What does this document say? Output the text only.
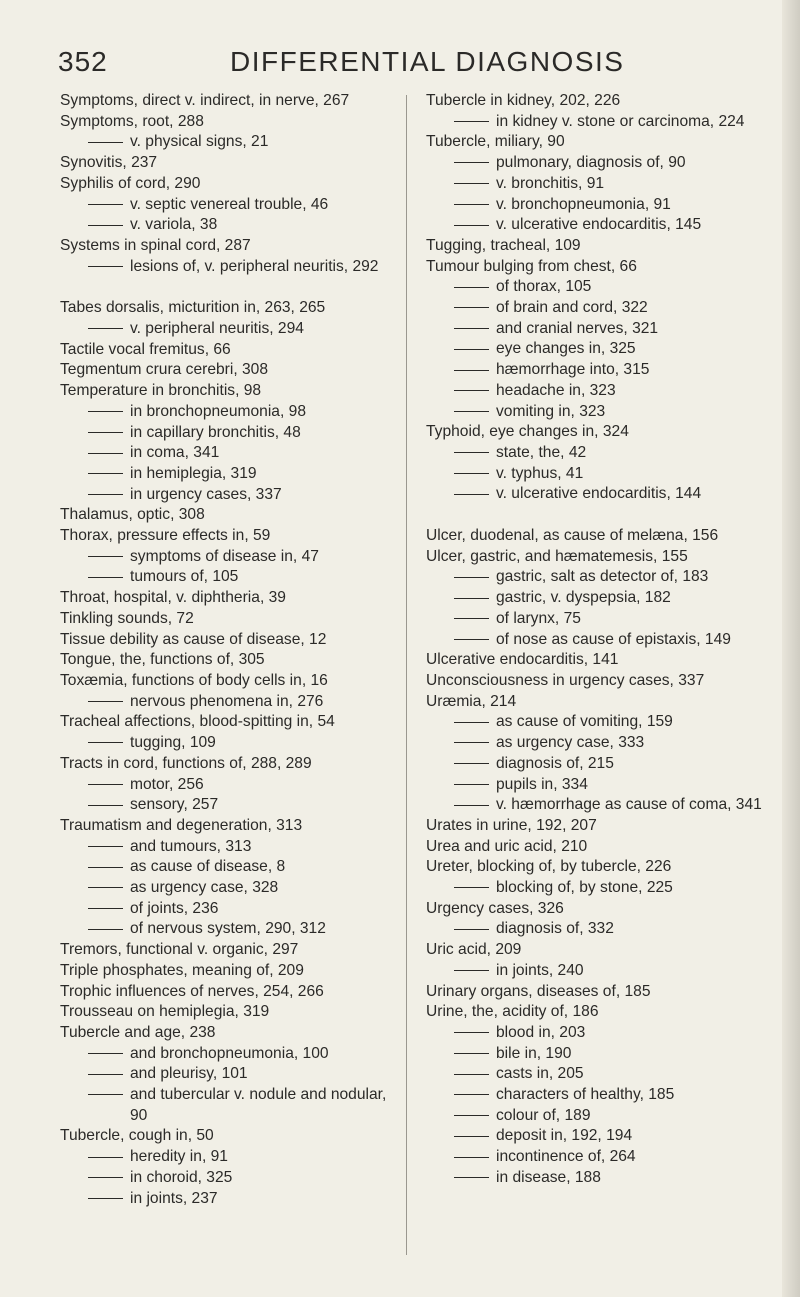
352	DIFFERENTIAL DIAGNOSIS

Symptoms, direct v. indirect, in nerve, 267

Symptoms, root, 288

v. physical signs, 21

Synovitis, 237

Syphilis of cord, 290

v. septic venereal trouble, 46

v. variola, 38

Systems in spinal cord, 287

lesions of, v. peripheral neuritis, 292

Tabes dorsalis, micturition in, 263, 265

v. peripheral neuritis, 294

Tactile vocal fremitus, 66

Tegmentum crura cerebri, 308

Temperature in bronchitis, 98

in bronchopneumonia, 98

in capillary bronchitis, 48

in coma, 341

in hemiplegia, 319

in urgency cases, 337

Thalamus, optic, 308

Thorax, pressure effects in, 59

symptoms of disease in, 47

tumours of, 105

Throat, hospital, v. diphtheria, 39

Tinkling sounds, 72

Tissue debility as cause of disease, 12

Tongue, the, functions of, 305

Toxæmia, functions of body cells in, 16

nervous phenomena in, 276

Tracheal affections, blood-spitting in, 54

tugging, 109

Tracts in cord, functions of, 288, 289

motor, 256

sensory, 257

Traumatism and degeneration, 313

and tumours, 313

as cause of disease, 8

as urgency case, 328

of joints, 236

of nervous system, 290, 312

Tremors, functional v. organic, 297

Triple phosphates, meaning of, 209

Trophic influences of nerves, 254, 266

Trousseau on hemiplegia, 319

Tubercle and age, 238

and bronchopneumonia, 100

and pleurisy, 101

and tubercular v. nodule and nodular, 90

Tubercle, cough in, 50

heredity in, 91

in choroid, 325

in joints, 237

Tubercle in kidney, 202, 226

in kidney v. stone or carcinoma, 224

Tubercle, miliary, 90

pulmonary, diagnosis of, 90

v. bronchitis, 91

v. bronchopneumonia, 91

v. ulcerative endocarditis, 145

Tugging, tracheal, 109

Tumour bulging from chest, 66

of thorax, 105

of brain and cord, 322

and cranial nerves, 321

eye changes in, 325

hæmorrhage into, 315

headache in, 323

vomiting in, 323

Typhoid, eye changes in, 324

state, the, 42

v. typhus, 41

v. ulcerative endocarditis, 144

Ulcer, duodenal, as cause of melæna, 156

Ulcer, gastric, and hæmatemesis, 155

gastric, salt as detector of, 183

gastric, v. dyspepsia, 182

of larynx, 75

of nose as cause of epistaxis, 149

Ulcerative endocarditis, 141

Unconsciousness in urgency cases, 337

Uræmia, 214

as cause of vomiting, 159

as urgency case, 333

diagnosis of, 215

pupils in, 334

v. hæmorrhage as cause of coma, 341

Urates in urine, 192, 207

Urea and uric acid, 210

Ureter, blocking of, by tubercle, 226

blocking of, by stone, 225

Urgency cases, 326

diagnosis of, 332

Uric acid, 209

in joints, 240

Urinary organs, diseases of, 185

Urine, the, acidity of, 186

blood in, 203

bile in, 190

casts in, 205

characters of healthy, 185

colour of, 189

deposit in, 192, 194

incontinence of, 264

in disease, 188
